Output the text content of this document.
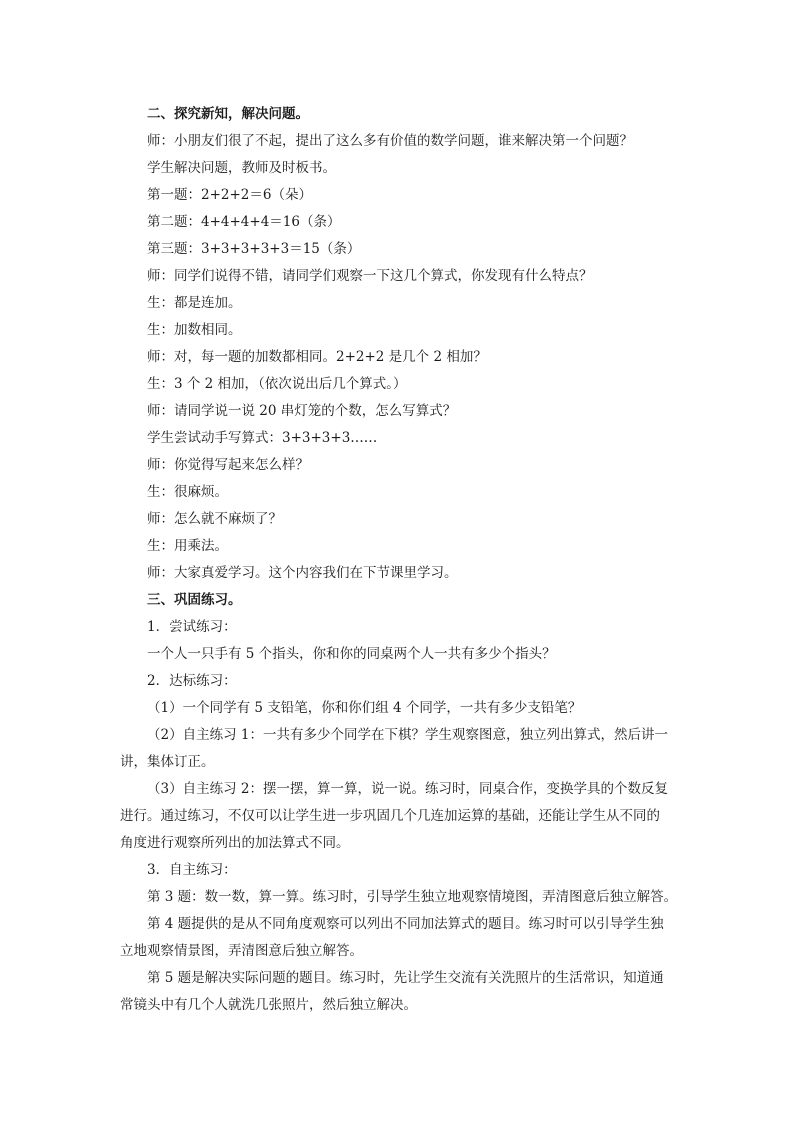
二、探究新知，解决问题。
师：小朋友们很了不起，提出了这么多有价值的数学问题，谁来解决第一个问题？
学生解决问题，教师及时板书。
第一题：2+2+2＝6（朵）
第二题：4+4+4+4＝16（条）
第三题：3+3+3+3+3＝15（条）
师：同学们说得不错，请同学们观察一下这几个算式，你发现有什么特点？
生：都是连加。
生：加数相同。
师：对，每一题的加数都相同。2+2+2 是几个 2 相加？
生：3 个 2 相加，（依次说出后几个算式。）
师：请同学说一说 20 串灯笼的个数，怎么写算式？
学生尝试动手写算式：3+3+3+3……
师：你觉得写起来怎么样？
生：很麻烦。
师：怎么就不麻烦了？
生：用乘法。
师：大家真爱学习。这个内容我们在下节课里学习。
三、巩固练习。
1．尝试练习：
一个人一只手有 5 个指头，你和你的同桌两个人一共有多少个指头？
2．达标练习：
（1）一个同学有 5 支铅笔，你和你们组 4 个同学，一共有多少支铅笔？
（2）自主练习 1：一共有多少个同学在下棋？学生观察图意，独立列出算式，然后讲一
讲，集体订正。
（3）自主练习 2：摆一摆，算一算，说一说。练习时，同桌合作，变换学具的个数反复
进行。通过练习，不仅可以让学生进一步巩固几个几连加运算的基础，还能让学生从不同的
角度进行观察所列出的加法算式不同。
3．自主练习：
第 3 题：数一数，算一算。练习时，引导学生独立地观察情境图，弄清图意后独立解答。
第 4 题提供的是从不同角度观察可以列出不同加法算式的题目。练习时可以引导学生独
立地观察情景图，弄清图意后独立解答。
第 5 题是解决实际问题的题目。练习时，先让学生交流有关洗照片的生活常识，知道通
常镜头中有几个人就洗几张照片，然后独立解决。
